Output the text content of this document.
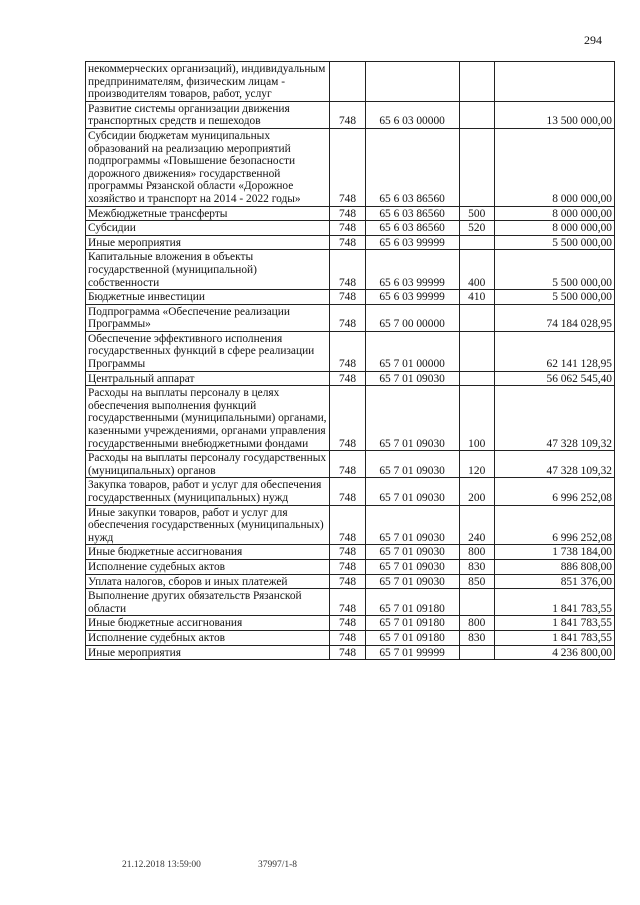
294
некоммерческих организаций), индивидуальным предпринимателям, физическим лицам - производителям товаров, работ, услуг				
Развитие системы организации движения транспортных средств и пешеходов	748	65 6 03 00000		13 500 000,00
Субсидии бюджетам муниципальных образований на реализацию мероприятий подпрограммы «Повышение безопасности дорожного движения» государственной программы Рязанской области «Дорожное хозяйство и транспорт на 2014 - 2022 годы»	748	65 6 03 86560		8 000 000,00
Межбюджетные трансферты	748	65 6 03 86560	500	8 000 000,00
Субсидии	748	65 6 03 86560	520	8 000 000,00
Иные мероприятия	748	65 6 03 99999		5 500 000,00
Капитальные вложения в объекты государственной (муниципальной) собственности	748	65 6 03 99999	400	5 500 000,00
Бюджетные инвестиции	748	65 6 03 99999	410	5 500 000,00
Подпрограмма «Обеспечение реализации Программы»	748	65 7 00 00000		74 184 028,95
Обеспечение эффективного исполнения государственных функций в сфере реализации Программы	748	65 7 01 00000		62 141 128,95
Центральный аппарат	748	65 7 01 09030		56 062 545,40
Расходы на выплаты персоналу в целях обеспечения выполнения функций государственными (муниципальными) органами, казенными учреждениями, органами управления государственными внебюджетными фондами	748	65 7 01 09030	100	47 328 109,32
Расходы на выплаты персоналу государственных (муниципальных) органов	748	65 7 01 09030	120	47 328 109,32
Закупка товаров, работ и услуг для обеспечения государственных (муниципальных) нужд	748	65 7 01 09030	200	6 996 252,08
Иные закупки товаров, работ и услуг для обеспечения государственных (муниципальных) нужд	748	65 7 01 09030	240	6 996 252,08
Иные бюджетные ассигнования	748	65 7 01 09030	800	1 738 184,00
Исполнение судебных актов	748	65 7 01 09030	830	886 808,00
Уплата налогов, сборов и иных платежей	748	65 7 01 09030	850	851 376,00
Выполнение других обязательств Рязанской области	748	65 7 01 09180		1 841 783,55
Иные бюджетные ассигнования	748	65 7 01 09180	800	1 841 783,55
Исполнение судебных актов	748	65 7 01 09180	830	1 841 783,55
Иные мероприятия	748	65 7 01 99999		4 236 800,00
21.12.2018 13:59:00	37997/1-8
